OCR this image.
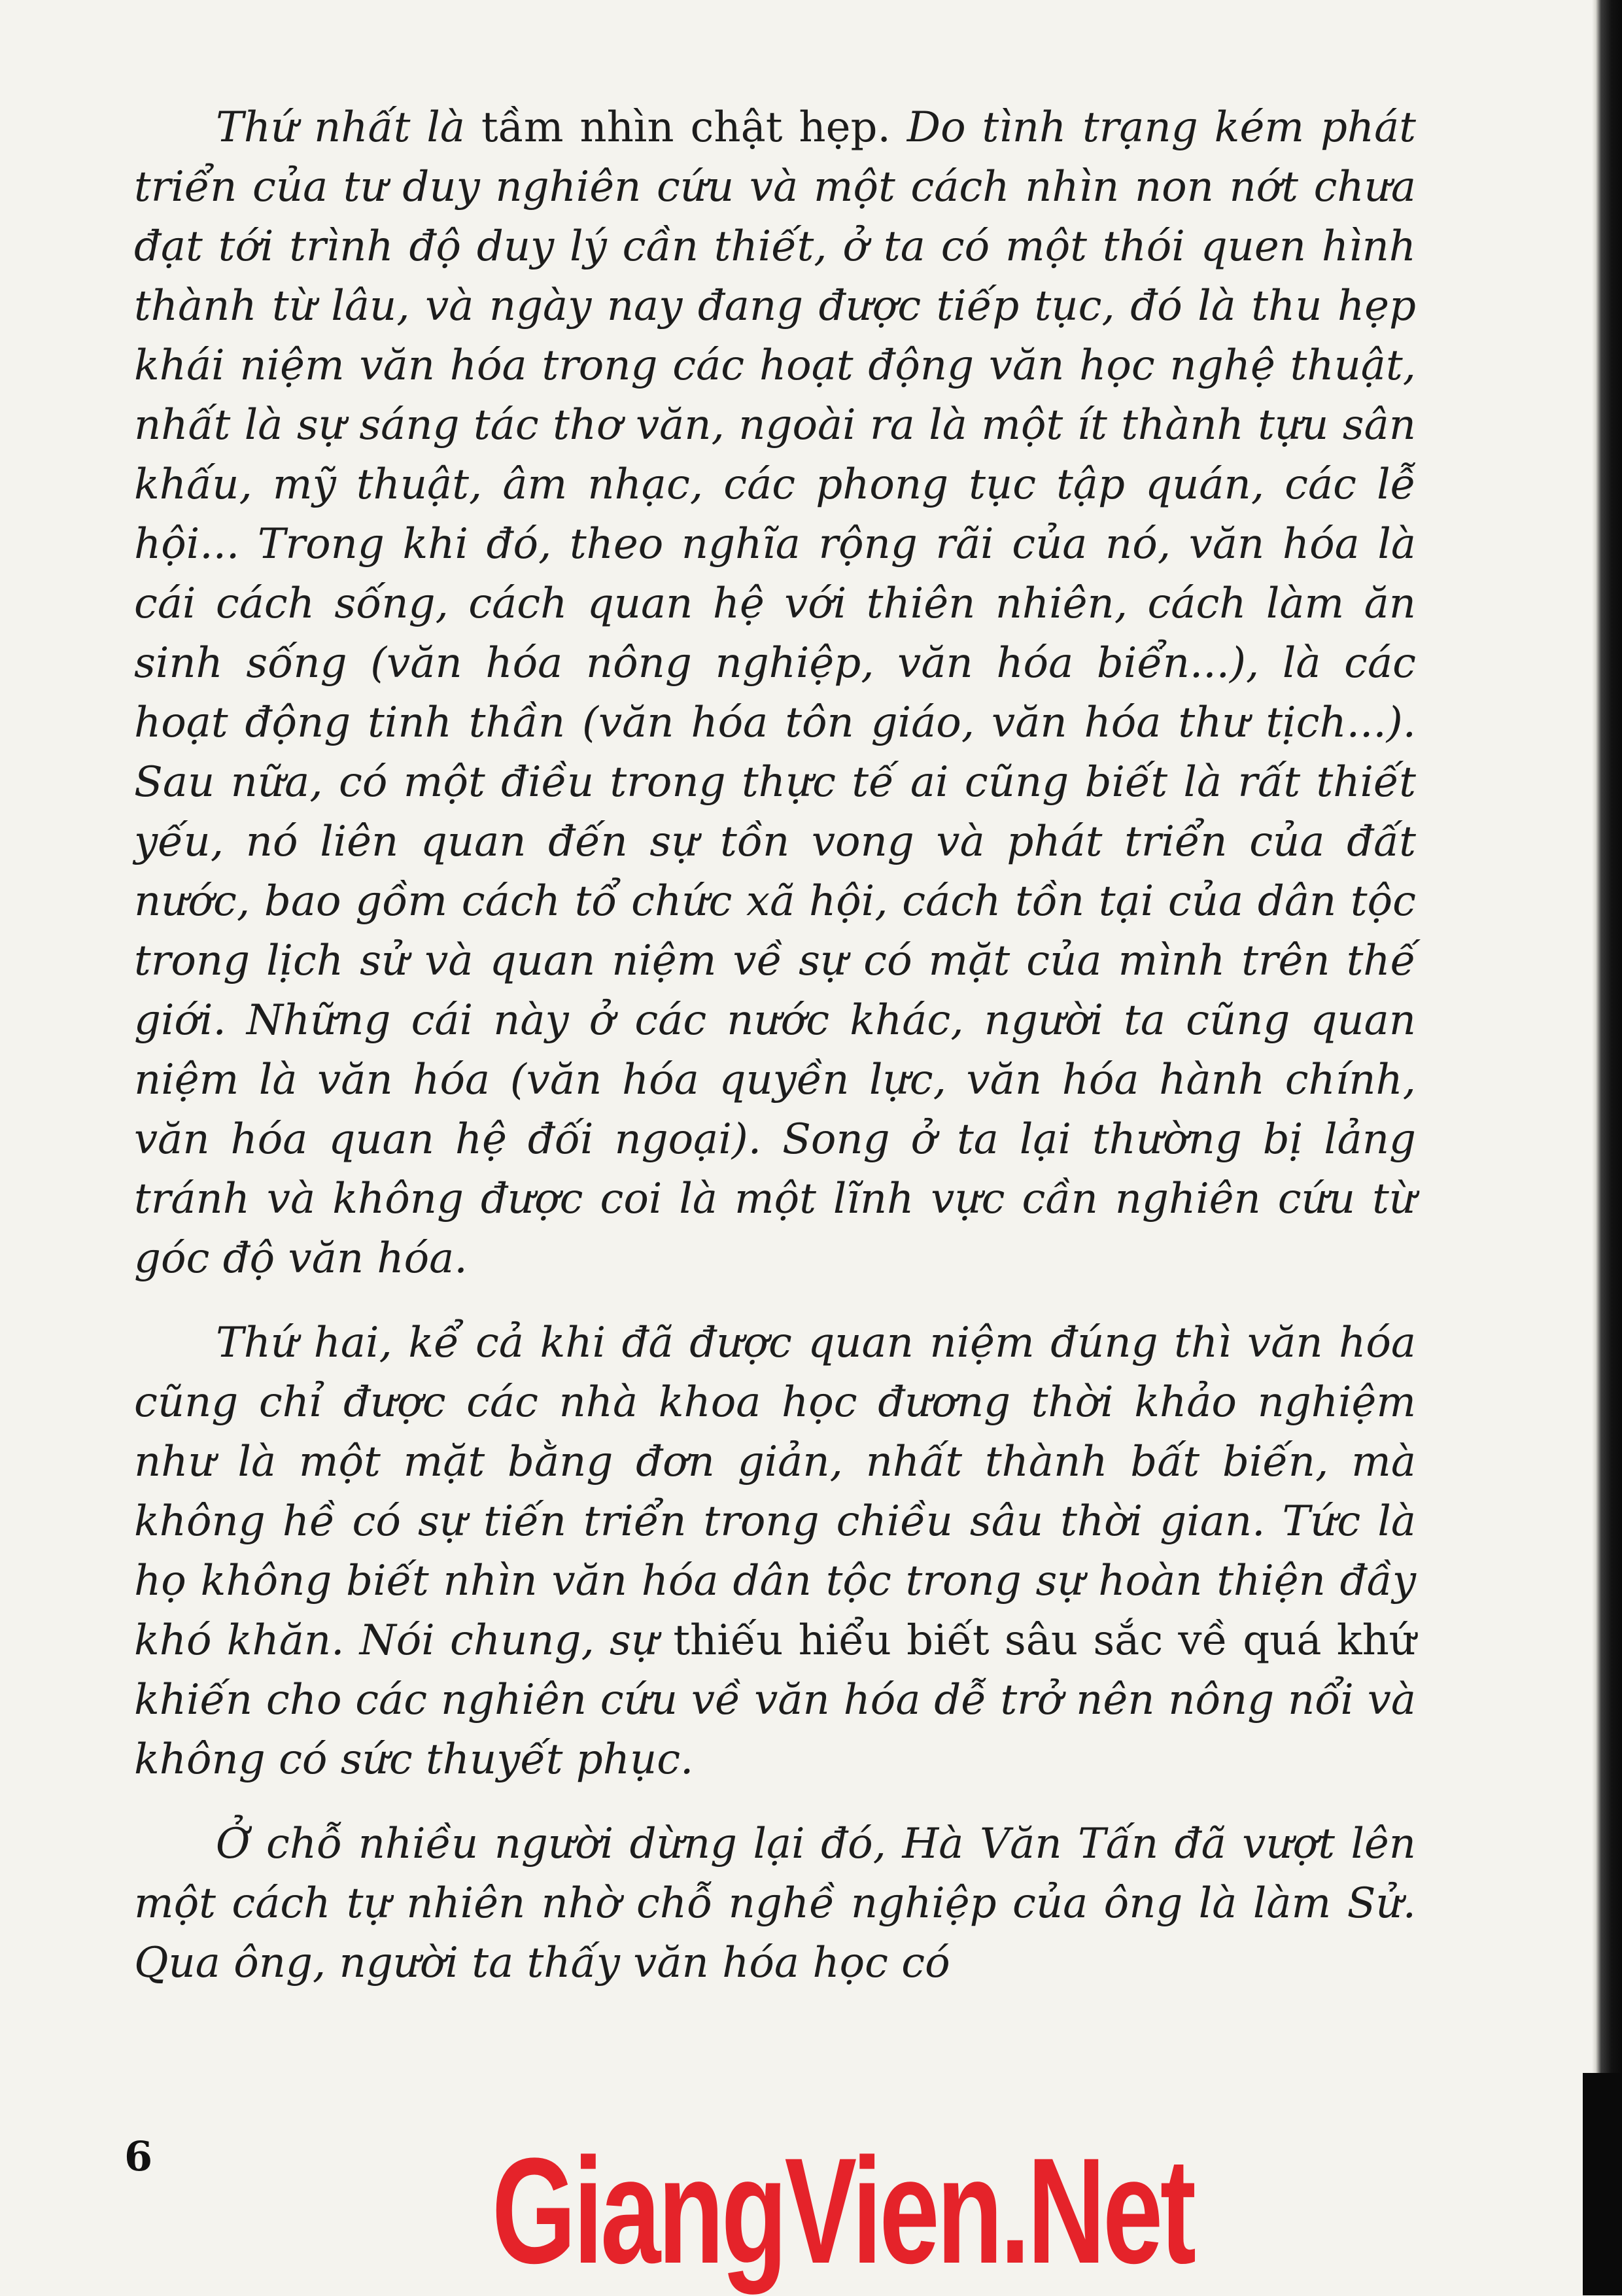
Thứ nhất là tầm nhìn chật hẹp. Do tình trạng kém phát triển của tư duy nghiên cứu và một cách nhìn non nớt chưa đạt tới trình độ duy lý cần thiết, ở ta có một thói quen hình thành từ lâu, và ngày nay đang được tiếp tục, đó là thu hẹp khái niệm văn hóa trong các hoạt động văn học nghệ thuật, nhất là sự sáng tác thơ văn, ngoài ra là một ít thành tựu sân khấu, mỹ thuật, âm nhạc, các phong tục tập quán, các lễ hội... Trong khi đó, theo nghĩa rộng rãi của nó, văn hóa là cái cách sống, cách quan hệ với thiên nhiên, cách làm ăn sinh sống (văn hóa nông nghiệp, văn hóa biển...), là các hoạt động tinh thần (văn hóa tôn giáo, văn hóa thư tịch...). Sau nữa, có một điều trong thực tế ai cũng biết là rất thiết yếu, nó liên quan đến sự tồn vong và phát triển của đất nước, bao gồm cách tổ chức xã hội, cách tồn tại của dân tộc trong lịch sử và quan niệm về sự có mặt của mình trên thế giới. Những cái này ở các nước khác, người ta cũng quan niệm là văn hóa (văn hóa quyền lực, văn hóa hành chính, văn hóa quan hệ đối ngoại). Song ở ta lại thường bị lảng tránh và không được coi là một lĩnh vực cần nghiên cứu từ góc độ văn hóa.

Thứ hai, kể cả khi đã được quan niệm đúng thì văn hóa cũng chỉ được các nhà khoa học đương thời khảo nghiệm như là một mặt bằng đơn giản, nhất thành bất biến, mà không hề có sự tiến triển trong chiều sâu thời gian. Tức là họ không biết nhìn văn hóa dân tộc trong sự hoàn thiện đầy khó khăn. Nói chung, sự thiếu hiểu biết sâu sắc về quá khứ khiến cho các nghiên cứu về văn hóa dễ trở nên nông nổi và không có sức thuyết phục.

Ở chỗ nhiều người dừng lại đó, Hà Văn Tấn đã vượt lên một cách tự nhiên nhờ chỗ nghề nghiệp của ông là làm Sử. Qua ông, người ta thấy văn hóa học có

GiangVien.Net
6
